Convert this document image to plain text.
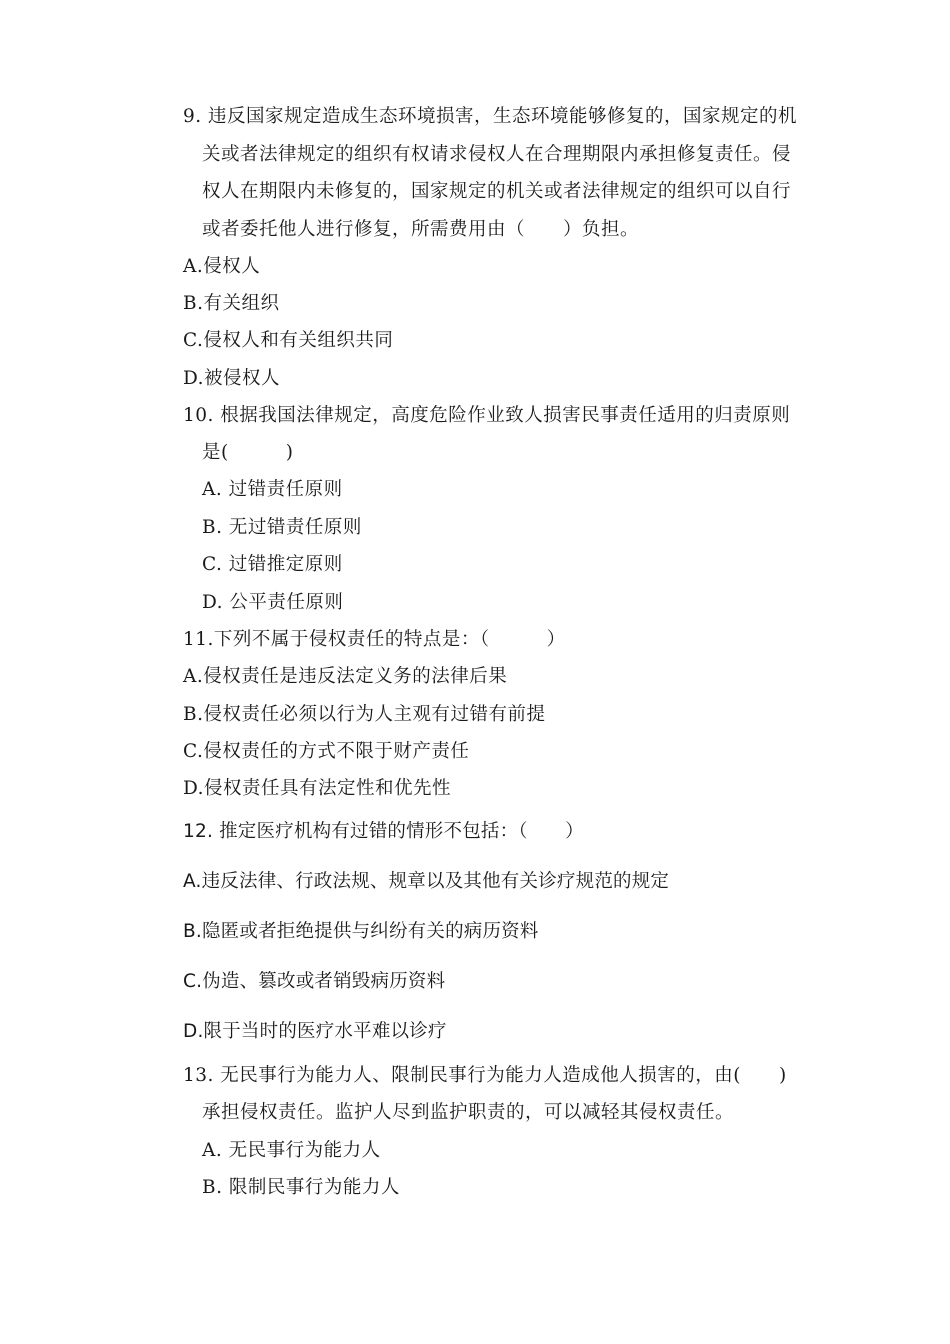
9. 违反国家规定造成生态环境损害，生态环境能够修复的，国家规定的机
关或者法律规定的组织有权请求侵权人在合理期限内承担修复责任。侵
权人在期限内未修复的，国家规定的机关或者法律规定的组织可以自行
或者委托他人进行修复，所需费用由（　　）负担。
A.侵权人
B.有关组织
C.侵权人和有关组织共同
D.被侵权人
10. 根据我国法律规定，高度危险作业致人损害民事责任适用的归责原则
是(　　　)
A. 过错责任原则
B. 无过错责任原则
C. 过错推定原则
D. 公平责任原则
11.下列不属于侵权责任的特点是：（　　　）
A.侵权责任是违反法定义务的法律后果
B.侵权责任必须以行为人主观有过错有前提
C.侵权责任的方式不限于财产责任
D.侵权责任具有法定性和优先性
12. 推定医疗机构有过错的情形不包括：（　　）
A.违反法律、行政法规、规章以及其他有关诊疗规范的规定
B.隐匿或者拒绝提供与纠纷有关的病历资料
C.伪造、篡改或者销毁病历资料
D.限于当时的医疗水平难以诊疗
13. 无民事行为能力人、限制民事行为能力人造成他人损害的，由(　　)
承担侵权责任。监护人尽到监护职责的，可以减轻其侵权责任。
A. 无民事行为能力人
B. 限制民事行为能力人
